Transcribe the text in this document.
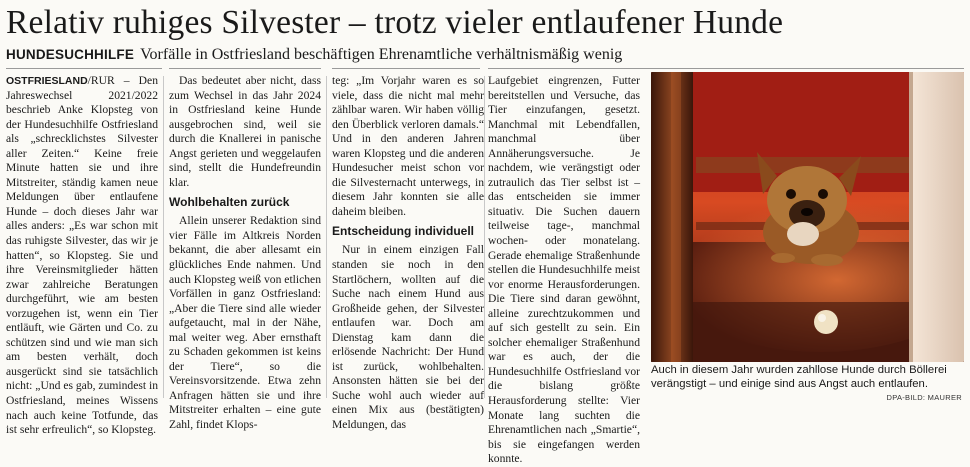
Relativ ruhiges Silvester – trotz vieler entlaufener Hunde
HUNDESUCHHILFE Vorfälle in Ostfriesland beschäftigen Ehrenamtliche verhältnismäßig wenig

OSTFRIESLAND/RUR – Den Jahreswechsel 2021/2022 beschrieb Anke Klopsteg von der Hundesuchhilfe Ostfriesland als „schrecklichstes Silvester aller Zeiten.“ Keine freie Minute hatten sie und ihre Mitstreiter, ständig kamen neue Meldungen über entlaufene Hunde – doch dieses Jahr war alles anders: „Es war schon mit das ruhigste Silvester, das wir je hatten“, so Klopsteg. Sie und ihre Vereinsmitglieder hätten zwar zahlreiche Beratungen durchgeführt, wie am besten vorzugehen ist, wenn ein Tier entläuft, wie Gärten und Co. zu schützen sind und wie man sich am besten verhält, doch ausgerückt sind sie tatsächlich nicht: „Und es gab, zumindest in Ostfriesland, meines Wissens nach auch keine Totfunde, das ist sehr erfreulich“, so Klopsteg.

Das bedeutet aber nicht, dass zum Wechsel in das Jahr 2024 in Ostfriesland keine Hunde ausgebrochen sind, weil sie durch die Knallerei in panische Angst gerieten und weggelaufen sind, stellt die Hundefreundin klar.

Wohlbehalten zurück

Allein unserer Redaktion sind vier Fälle im Altkreis Norden bekannt, die aber allesamt ein glückliches Ende nahmen. Und auch Klopsteg weiß von etlichen Vorfällen in ganz Ostfriesland: „Aber die Tiere sind alle wieder aufgetaucht, mal in der Nähe, mal weiter weg. Aber ernsthaft zu Schaden gekommen ist keins der Tiere“, so die Vereinsvorsitzende. Etwa zehn Anfragen hätten sie und ihre Mitstreiter erhalten – eine gute Zahl, findet Klops-

teg: „Im Vorjahr waren es so viele, dass die nicht mal mehr zählbar waren. Wir haben völlig den Überblick verloren damals.“ Und in den anderen Jahren waren Klopsteg und die anderen Hundesucher meist schon vor die Silvesternacht unterwegs, in diesem Jahr konnten sie alle daheim bleiben.

Entscheidung individuell

Nur in einem einzigen Fall standen sie noch in den Startlöchern, wollten auf die Suche nach einem Hund aus Großheide gehen, der Silvester entlaufen war. Doch am Dienstag kam dann die erlösende Nachricht: Der Hund ist zurück, wohlbehalten. Ansonsten hätten sie bei der Suche wohl auch wieder auf einen Mix aus (bestätigten) Meldungen, das

Laufgebiet eingrenzen, Futter bereitstellen und Versuche, das Tier einzufangen, gesetzt. Manchmal mit Lebendfallen, manchmal über Annäherungsversuche. Je nachdem, wie verängstigt oder zutraulich das Tier selbst ist – das entscheiden sie immer situativ. Die Suchen dauern teilweise tage-, manchmal wochen- oder monatelang. Gerade ehemalige Straßenhunde stellen die Hundesuchhilfe meist vor enorme Herausforderungen. Die Tiere sind daran gewöhnt, alleine zurechtzukommen und auf sich gestellt zu sein. Ein solcher ehemaliger Straßenhund war es auch, der die Hundesuchhilfe Ostfriesland vor die bislang größte Herausforderung stellte: Vier Monate lang suchten die Ehrenamtlichen nach „Smartie“, bis sie eingefangen werden konnte.

Auch in diesem Jahr wurden zahllose Hunde durch Böllerei verängstigt – und einige sind aus Angst auch entlaufen.
DPA-BILD: MAURER
